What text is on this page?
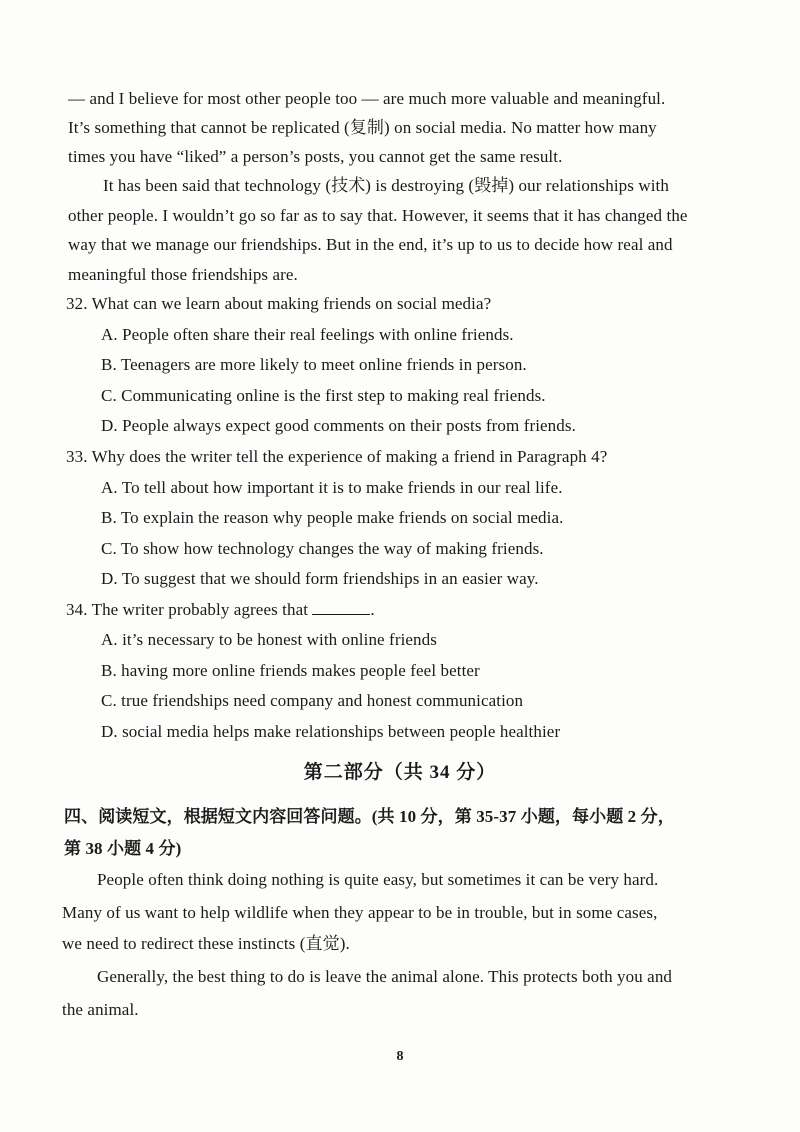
— and I believe for most other people too — are much more valuable and meaningful.
It’s something that cannot be replicated (复制) on social media. No matter how many
times you have “liked” a person’s posts, you cannot get the same result.
It has been said that technology (技术) is destroying (毁掉) our relationships with
other people. I wouldn’t go so far as to say that. However, it seems that it has changed the
way that we manage our friendships. But in the end, it’s up to us to decide how real and
meaningful those friendships are.
32. What can we learn about making friends on social media?
A. People often share their real feelings with online friends.
B. Teenagers are more likely to meet online friends in person.
C. Communicating online is the first step to making real friends.
D. People always expect good comments on their posts from friends.
33. Why does the writer tell the experience of making a friend in Paragraph 4?
A. To tell about how important it is to make friends in our real life.
B. To explain the reason why people make friends on social media.
C. To show how technology changes the way of making friends.
D. To suggest that we should form friendships in an easier way.
34. The writer probably agrees that	.
A. it’s necessary to be honest with online friends
B. having more online friends makes people feel better
C. true friendships need company and honest communication
D. social media helps make relationships between people healthier
第二部分（共 34 分）
四、阅读短文，根据短文内容回答问题。(共 10 分，第 35-37 小题，每小题 2 分，
第 38 小题 4 分)
People often think doing nothing is quite easy, but sometimes it can be very hard.
Many of us want to help wildlife when they appear to be in trouble, but in some cases,
we need to redirect these instincts (直觉).
Generally, the best thing to do is leave the animal alone. This protects both you and
the animal.
8
